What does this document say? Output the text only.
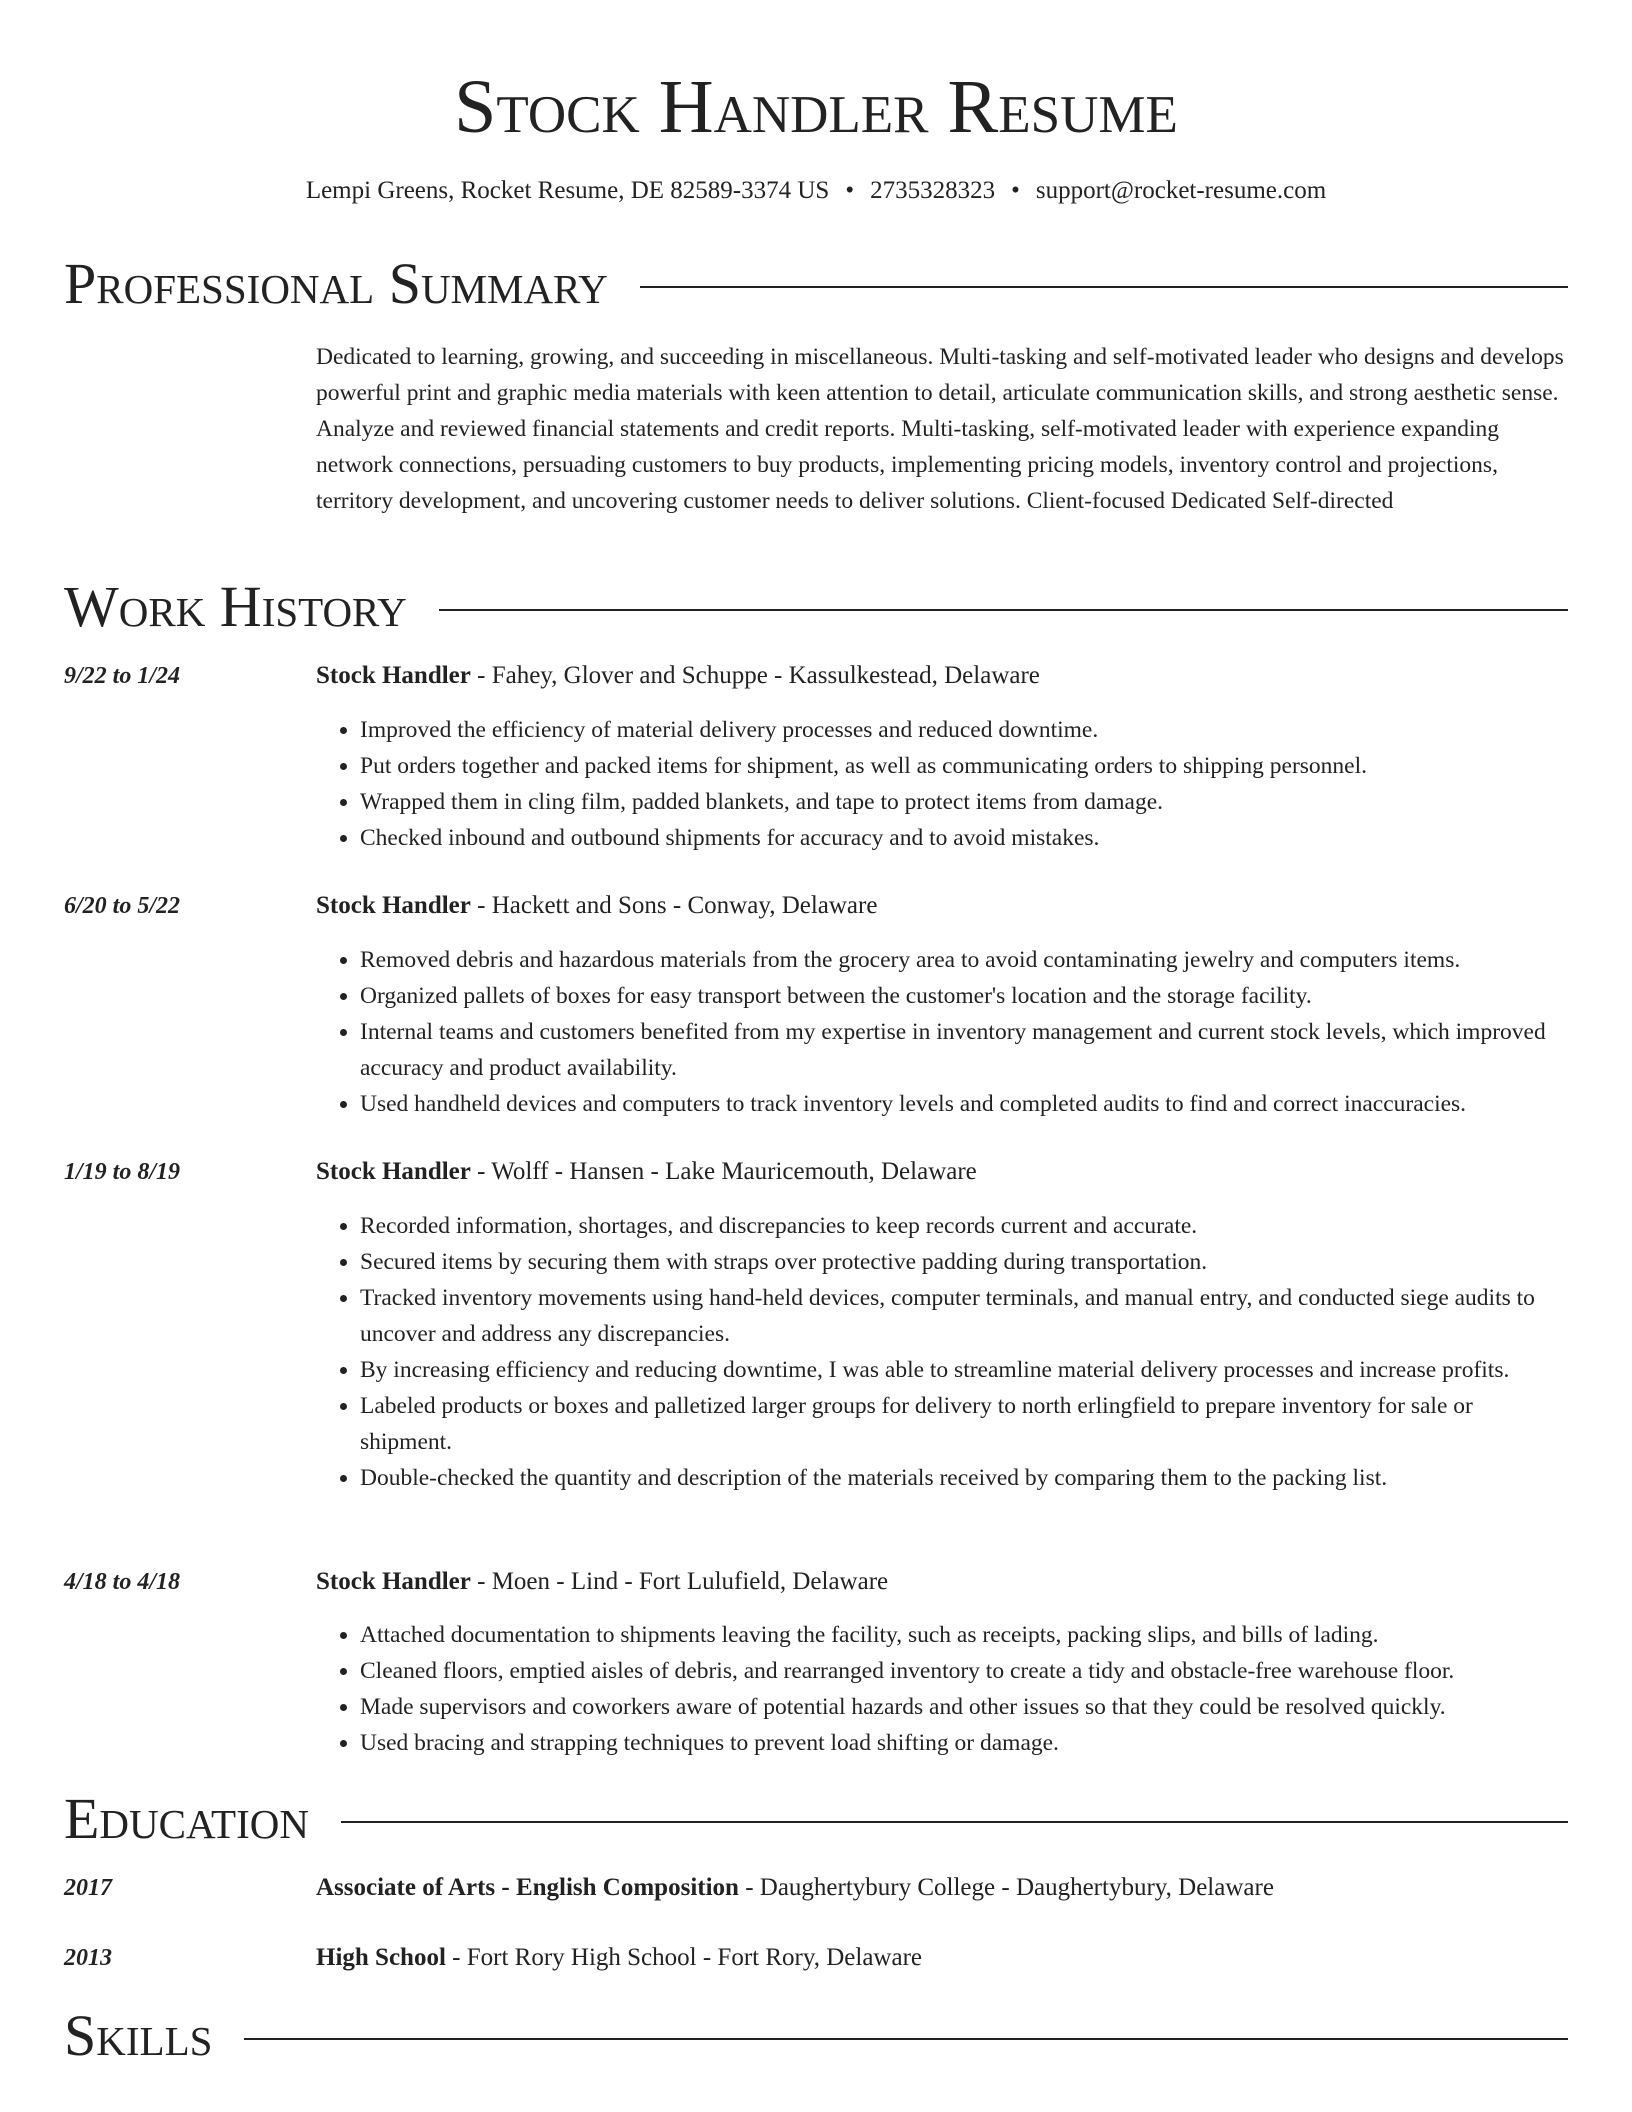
Stock Handler Resume
Lempi Greens, Rocket Resume, DE 82589-3374 US • 2735328323 • support@rocket-resume.com
Professional Summary

Dedicated to learning, growing, and succeeding in miscellaneous. Multi-tasking and self-motivated leader who designs and develops powerful print and graphic media materials with keen attention to detail, articulate communication skills, and strong aesthetic sense. Analyze and reviewed financial statements and credit reports. Multi-tasking, self-motivated leader with experience expanding network connections, persuading customers to buy products, implementing pricing models, inventory control and projections, territory development, and uncovering customer needs to deliver solutions. Client-focused Dedicated Self-directed

Work History
9/22 to 1/24	Stock Handler - Fahey, Glover and Schuppe - Kassulkestead, Delaware
• Improved the efficiency of material delivery processes and reduced downtime.
• Put orders together and packed items for shipment, as well as communicating orders to shipping personnel.
• Wrapped them in cling film, padded blankets, and tape to protect items from damage.
• Checked inbound and outbound shipments for accuracy and to avoid mistakes.
6/20 to 5/22	Stock Handler - Hackett and Sons - Conway, Delaware
• Removed debris and hazardous materials from the grocery area to avoid contaminating jewelry and computers items.
• Organized pallets of boxes for easy transport between the customer's location and the storage facility.
• Internal teams and customers benefited from my expertise in inventory management and current stock levels, which improved accuracy and product availability.
• Used handheld devices and computers to track inventory levels and completed audits to find and correct inaccuracies.
1/19 to 8/19	Stock Handler - Wolff - Hansen - Lake Mauricemouth, Delaware
• Recorded information, shortages, and discrepancies to keep records current and accurate.
• Secured items by securing them with straps over protective padding during transportation.
• Tracked inventory movements using hand-held devices, computer terminals, and manual entry, and conducted siege audits to uncover and address any discrepancies.
• By increasing efficiency and reducing downtime, I was able to streamline material delivery processes and increase profits.
• Labeled products or boxes and palletized larger groups for delivery to north erlingfield to prepare inventory for sale or shipment.
• Double-checked the quantity and description of the materials received by comparing them to the packing list.
4/18 to 4/18	Stock Handler - Moen - Lind - Fort Lulufield, Delaware
• Attached documentation to shipments leaving the facility, such as receipts, packing slips, and bills of lading.
• Cleaned floors, emptied aisles of debris, and rearranged inventory to create a tidy and obstacle-free warehouse floor.
• Made supervisors and coworkers aware of potential hazards and other issues so that they could be resolved quickly.
• Used bracing and strapping techniques to prevent load shifting or damage.
Education
2017	Associate of Arts - English Composition - Daughertybury College - Daughertybury, Delaware
2013	High School - Fort Rory High School - Fort Rory, Delaware
Skills
